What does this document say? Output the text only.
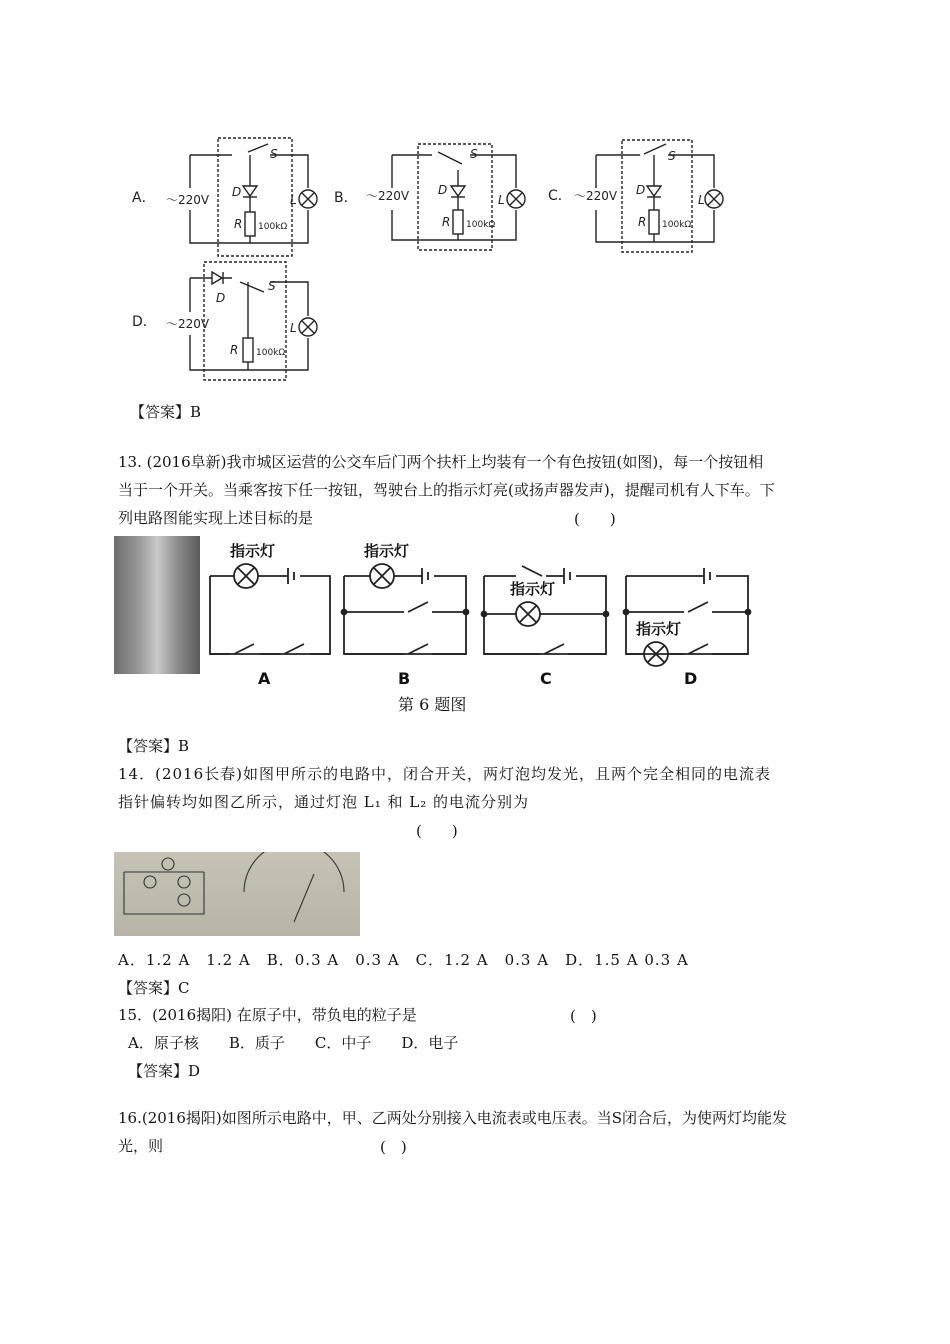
A． ～220V
S
D
R 100kΩ
L	B． ～220V
S
D
R 100kΩ
L	C． ～220V
S
D
R 100kΩ
L
D． ～220V
S
D
R 100kΩ
L
【答案】B
13. (2016阜新)我市城区运营的公交车后门两个扶杆上均装有一个有色按钮(如图)，每一个按钮相
当于一个开关。当乘客按下任一按钮，驾驶台上的指示灯亮(或扬声器发声)，提醒司机有人下车。下
列电路图能实现上述目标的是	(　　)
指示灯	指示灯
指示灯
指示灯
A	B	C	D
第 6 题图
【答案】B
14．(2016长春)如图甲所示的电路中，闭合开关，两灯泡均发光，且两个完全相同的电流表
指针偏转均如图乙所示，通过灯泡 L₁ 和 L₂ 的电流分别为
(　　)
A．1.2 A　1.2 A　B．0.3 A　0.3 A　C．1.2 A　0.3 A　D．1.5 A 0.3 A
【答案】C
15．(2016揭阳) 在原子中，带负电的粒子是	(　)
A．原子核　　B．质子　　C．中子　　D．电子
【答案】D
16.(2016揭阳)如图所示电路中，甲、乙两处分别接入电流表或电压表。当S闭合后，为使两灯均能发
光，则	(　)
